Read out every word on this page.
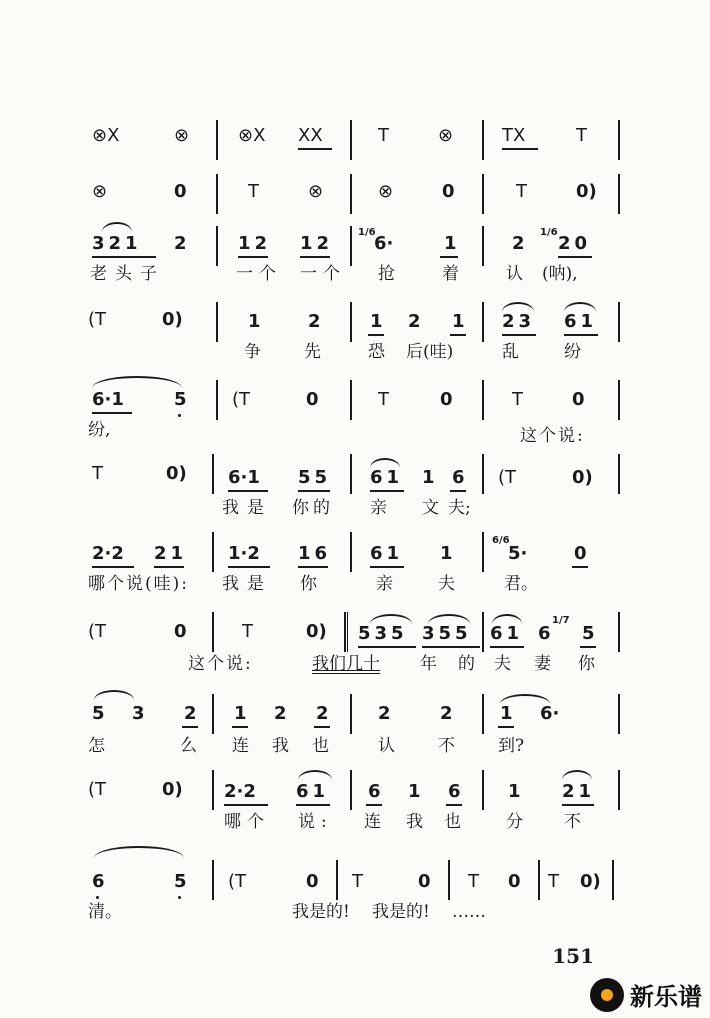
⊗X	⊗	⊗X XX	T	⊗	TX	T
⊗	0	T	⊗	⊗	0	T	0)
321 2	12 12
1/6
6·	1	2
1/6
20
老头子	一个 一个 抢	着	认 (呐),
(T	0)	1	2	1 2 1 23 61
争	先	恐 后(哇)	乱	纷
6·1	5	(T	0	T	0	T	0
纷,	这个说:
T	0) 6·1 55 61 1 6 (T	0)
我是 你的 亲 文 夫;
2·2 21 1·2 16 61 1
6/6
5·	0
哪个说(哇): 我是 你	亲	夫	君。
(T	0	T	0) 535 355 61 6
1/7
5
这个说:	我们几十 年 的 夫 妻 你
5 3 2 1 2 2	2	2	1 6·
怎	么 连 我 也	认	不	到?
(T	0) 2·2 61 6 1 6	1 21
哪个 说: 连 我 也	分 不
6	5 (T	0 T	0 T 0 T 0)
清。	我是的! 我是的! ……
151
新乐谱
